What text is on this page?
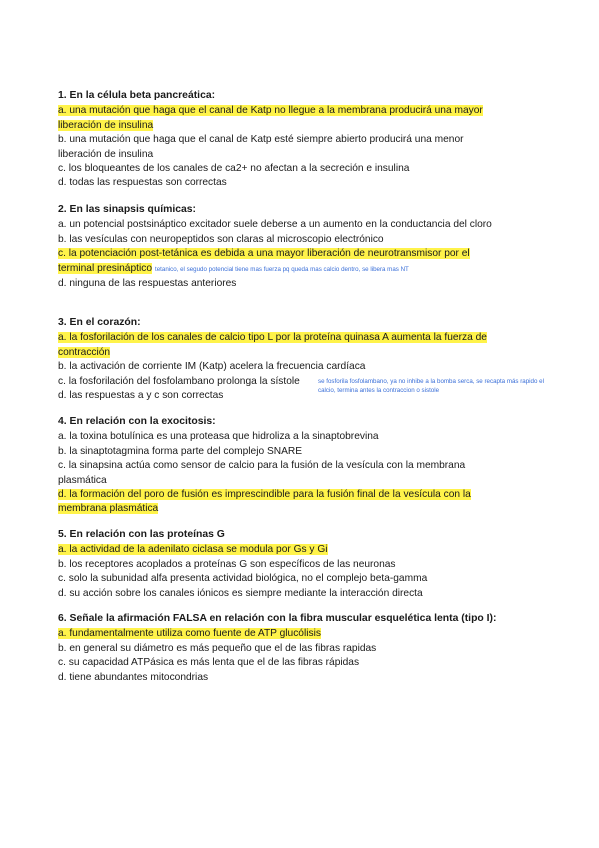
1. En la célula beta pancreática:
a. una mutación que haga que el canal de Katp no llegue a la membrana producirá una mayor liberación de insulina
b. una mutación que haga que el canal de Katp esté siempre abierto producirá una menor liberación de insulina
c. los bloqueantes de los canales de ca2+ no afectan a la secreción e insulina
d. todas las respuestas son correctas
2. En las sinapsis químicas:
a. un potencial postsináptico excitador suele deberse a un aumento en la conductancia del cloro
b. las vesículas con neuropeptidos son claras al microscopio electrónico
c. la potenciación post-tetánica es debida a una mayor liberación de neurotransmisor por el terminal presináptico tetanico, el segudo potencial tiene mas fuerza pq queda mas calcio dentro, se libera mas NT
d. ninguna de las respuestas anteriores
3. En el corazón:
a. la fosforilación de los canales de calcio tipo L por la proteína quinasa A aumenta la fuerza de contracción
b. la activación de corriente IM (Katp) acelera la frecuencia cardíaca
c. la fosforilación del fosfolambano prolonga la sístole
d. las respuestas a y c son correctas
se fosforila fosfolambano, ya no inhibe a la bomba serca, se recapta más rapido el calcio, termina antes la contraccion o sistole
4. En relación con la exocitosis:
a. la toxina botulínica es una proteasa que hidroliza a la sinaptobrevina
b. la sinaptotagmina forma parte del complejo SNARE
c. la sinapsina actúa como sensor de calcio para la fusión de la vesícula con la membrana plasmática
d. la formación del poro de fusión es imprescindible para la fusión final de la vesícula con la membrana plasmática
5. En relación con las proteínas G
a. la actividad de la adenilato ciclasa se modula por Gs y Gi
b. los receptores acoplados a proteínas G son específicos de las neuronas
c. solo la subunidad alfa presenta actividad biológica, no el complejo beta-gamma
d. su acción sobre los canales iónicos es siempre mediante la interacción directa
6. Señale la afirmación FALSA en relación con la fibra muscular esquelética lenta (tipo I):
a. fundamentalmente utiliza como fuente de ATP glucólisis
b. en general su diámetro es más pequeño que el de las fibras rapidas
c. su capacidad ATPásica es más lenta que el de las fibras rápidas
d. tiene abundantes mitocondrias
